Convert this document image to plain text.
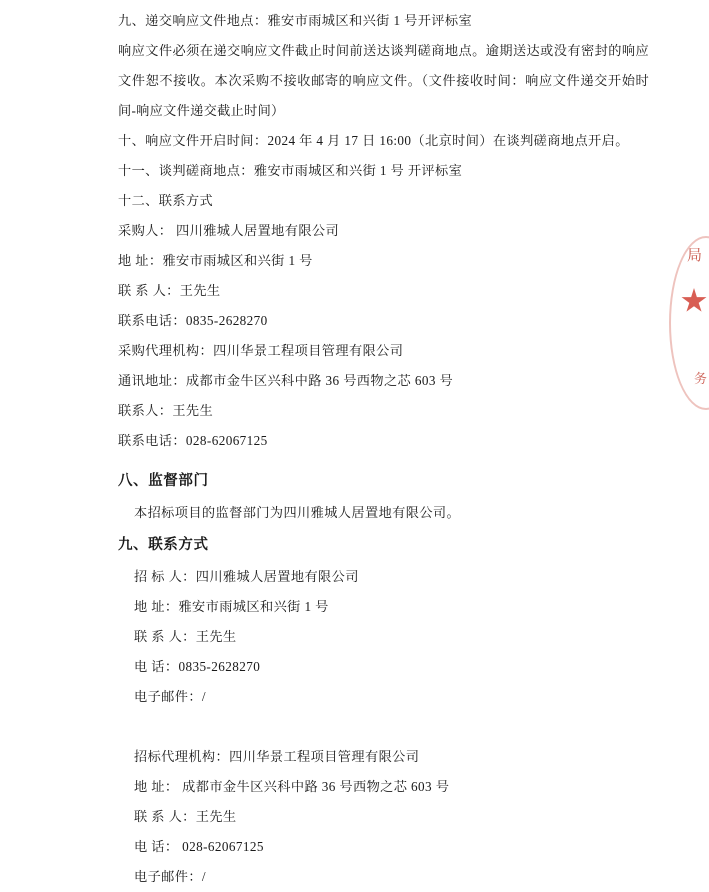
九、递交响应文件地点：雅安市雨城区和兴街 1 号开评标室
响应文件必须在递交响应文件截止时间前送达谈判磋商地点。逾期送达或没有密封的响应文件恕不接收。本次采购不接收邮寄的响应文件。（文件接收时间：响应文件递交开始时间-响应文件递交截止时间）
十、响应文件开启时间：2024 年 4 月 17 日 16:00（北京时间）在谈判磋商地点开启。
十一、谈判磋商地点：雅安市雨城区和兴街 1 号 开评标室
十二、联系方式
采购人： 四川雅城人居置地有限公司
地 址：雅安市雨城区和兴街 1 号
联 系 人：王先生
联系电话：0835-2628270
采购代理机构：四川华景工程项目管理有限公司
通讯地址：成都市金牛区兴科中路 36 号西物之芯 603 号
联系人：王先生
联系电话：028-62067125
八、监督部门
本招标项目的监督部门为四川雅城人居置地有限公司。
九、联系方式
招 标 人：四川雅城人居置地有限公司
地 址：雅安市雨城区和兴街 1 号
联 系 人：王先生
电 话：0835-2628270
电子邮件：/
招标代理机构：四川华景工程项目管理有限公司
地 址： 成都市金牛区兴科中路 36 号西物之芯 603 号
联 系 人：王先生
电 话： 028-62067125
电子邮件：/
局
务
